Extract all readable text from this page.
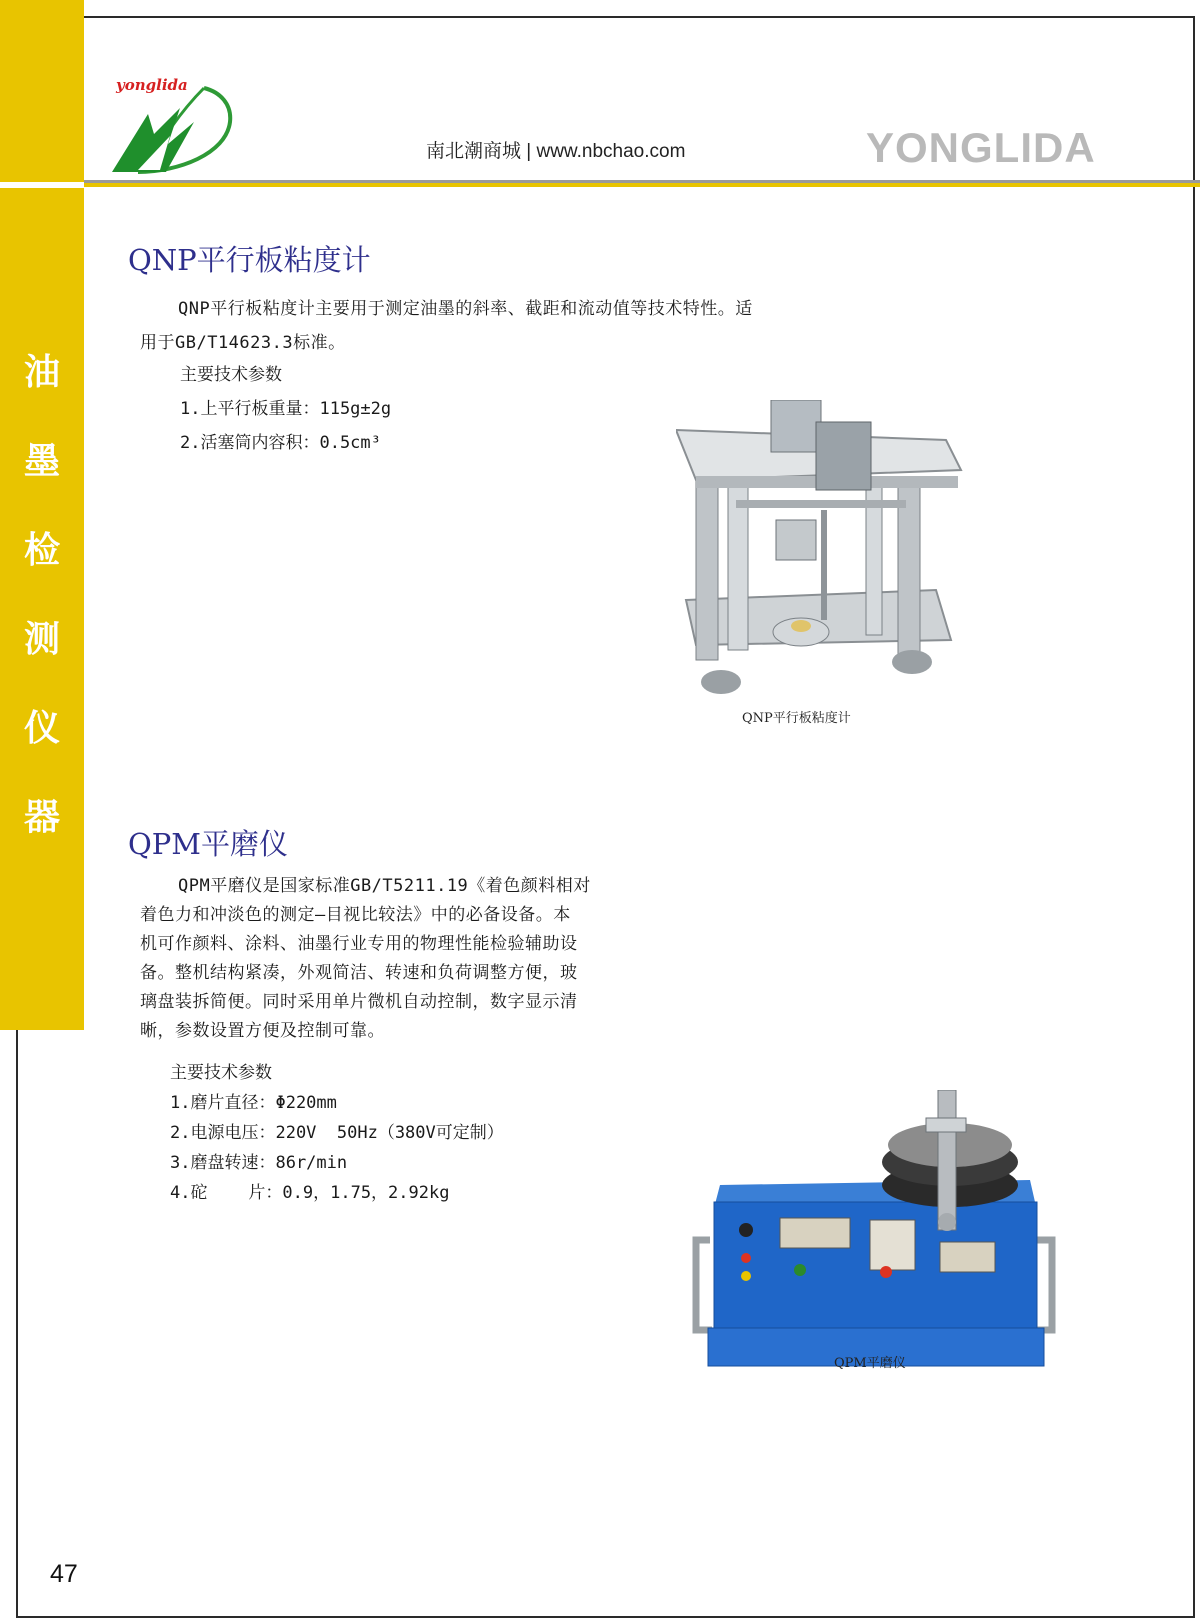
油
墨
检
测
仪
器
yonglida
南北潮商城 | www.nbchao.com	YONGLIDA
QNP平行板粘度计

QNP平行板粘度计主要用于测定油墨的斜率、截距和流动值等技术特性。适

用于GB/T14623.3标准。

主要技术参数
1.上平行板重量：115g±2g
2.活塞筒内容积：0.5cm³
QNP平行板粘度计
QPM平磨仪

QPM平磨仪是国家标准GB/T5211.19《着色颜料相对

着色力和冲淡色的测定—目视比较法》中的必备设备。本

机可作颜料、涂料、油墨行业专用的物理性能检验辅助设

备。整机结构紧凑，外观简洁、转速和负荷调整方便，玻

璃盘装拆简便。同时采用单片微机自动控制，数字显示清

晰，参数设置方便及控制可靠。

主要技术参数
1.磨片直径：Φ220mm
2.电源电压：220V  50Hz（380V可定制）
3.磨盘转速：86r/min
4.砣    片：0.9，1.75，2.92kg
QPM平磨仪
47
